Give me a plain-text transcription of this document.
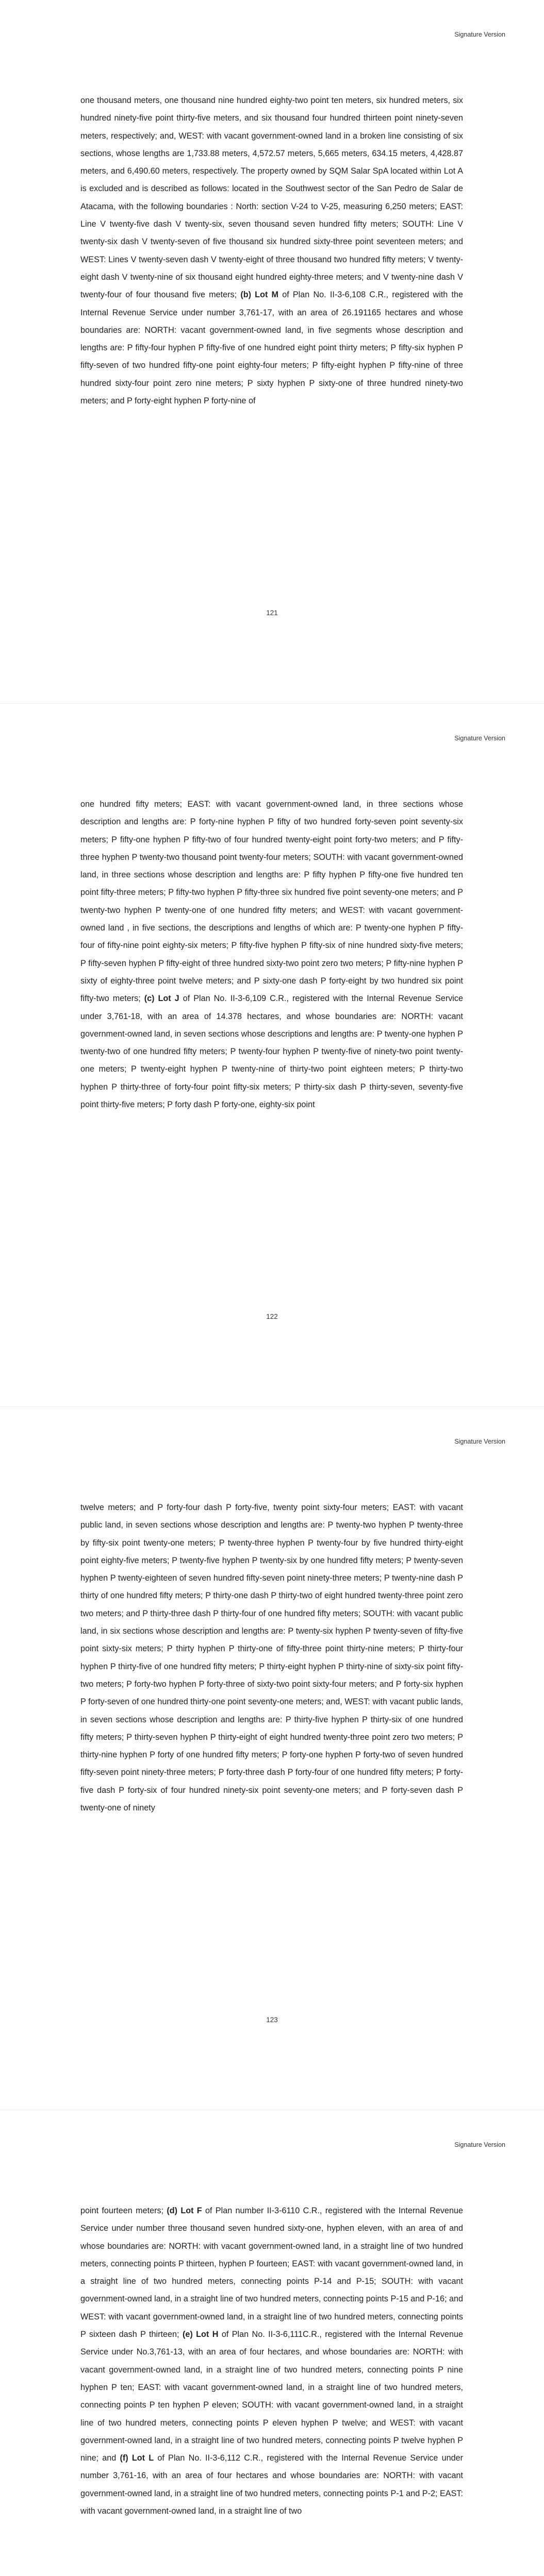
Signature Version

one thousand meters, one thousand nine hundred eighty-two point ten meters, six hundred meters, six hundred ninety-five point thirty-five meters, and six thousand four hundred thirteen point ninety-seven meters, respectively; and, WEST: with vacant government-owned land in a broken line consisting of six sections, whose lengths are 1,733.88 meters, 4,572.57 meters, 5,665 meters, 634.15 meters, 4,428.87 meters, and 6,490.60 meters, respectively. The property owned by SQM Salar SpA located within Lot A is excluded and is described as follows: located in the Southwest sector of the San Pedro de Salar de Atacama, with the following boundaries : North: section V-24 to V-25, measuring 6,250 meters; EAST: Line V twenty-five dash V twenty-six, seven thousand seven hundred fifty meters; SOUTH: Line V twenty-six dash V twenty-seven of five thousand six hundred sixty-three point seventeen meters; and WEST: Lines V twenty-seven dash V twenty-eight of three thousand two hundred fifty meters; V twenty-eight dash V twenty-nine of six thousand eight hundred eighty-three meters; and V twenty-nine dash V twenty-four of four thousand five meters; (b) Lot M of Plan No. II-3-6,108 C.R., registered with the Internal Revenue Service under number 3,761-17, with an area of 26.191165 hectares and whose boundaries are: NORTH: vacant government-owned land, in five segments whose description and lengths are: P fifty-four hyphen P fifty-five of one hundred eight point thirty meters; P fifty-six hyphen P fifty-seven of two hundred fifty-one point eighty-four meters; P fifty-eight hyphen P fifty-nine of three hundred sixty-four point zero nine meters; P sixty hyphen P sixty-one of three hundred ninety-two meters; and P forty-eight hyphen P forty-nine of

121
Signature Version

one hundred fifty meters; EAST: with vacant government-owned land, in three sections whose description and lengths are: P forty-nine hyphen P fifty of two hundred forty-seven point seventy-six meters; P fifty-one hyphen P fifty-two of four hundred twenty-eight point forty-two meters; and P fifty-three hyphen P twenty-two thousand point twenty-four meters; SOUTH: with vacant government-owned land, in three sections whose description and lengths are: P fifty hyphen P fifty-one five hundred ten point fifty-three meters; P fifty-two hyphen P fifty-three six hundred five point seventy-one meters; and P twenty-two hyphen P twenty-one of one hundred fifty meters; and WEST: with vacant government-owned land , in five sections, the descriptions and lengths of which are: P twenty-one hyphen P fifty-four of fifty-nine point eighty-six meters; P fifty-five hyphen P fifty-six of nine hundred sixty-five meters; P fifty-seven hyphen P fifty-eight of three hundred sixty-two point zero two meters; P fifty-nine hyphen P sixty of eighty-three point twelve meters; and P sixty-one dash P forty-eight by two hundred six point fifty-two meters; (c) Lot J of Plan No. II-3-6,109 C.R., registered with the Internal Revenue Service under 3,761-18, with an area of 14.378 hectares, and whose boundaries are: NORTH: vacant government-owned land, in seven sections whose descriptions and lengths are: P twenty-one hyphen P twenty-two of one hundred fifty meters; P twenty-four hyphen P twenty-five of ninety-two point twenty-one meters; P twenty-eight hyphen P twenty-nine of thirty-two point eighteen meters; P thirty-two hyphen P thirty-three of forty-four point fifty-six meters; P thirty-six dash P thirty-seven, seventy-five point thirty-five meters; P forty dash P forty-one, eighty-six point

122
Signature Version

twelve meters; and P forty-four dash P forty-five, twenty point sixty-four meters; EAST: with vacant public land, in seven sections whose description and lengths are: P twenty-two hyphen P twenty-three by fifty-six point twenty-one meters; P twenty-three hyphen P twenty-four by five hundred thirty-eight point eighty-five meters; P twenty-five hyphen P twenty-six by one hundred fifty meters; P twenty-seven hyphen P twenty-eighteen of seven hundred fifty-seven point ninety-three meters; P twenty-nine dash P thirty of one hundred fifty meters; P thirty-one dash P thirty-two of eight hundred twenty-three point zero two meters; and P thirty-three dash P thirty-four of one hundred fifty meters; SOUTH: with vacant public land, in six sections whose description and lengths are: P twenty-six hyphen P twenty-seven of fifty-five point sixty-six meters; P thirty hyphen P thirty-one of fifty-three point thirty-nine meters; P thirty-four hyphen P thirty-five of one hundred fifty meters; P thirty-eight hyphen P thirty-nine of sixty-six point fifty-two meters; P forty-two hyphen P forty-three of sixty-two point sixty-four meters; and P forty-six hyphen P forty-seven of one hundred thirty-one point seventy-one meters; and, WEST: with vacant public lands, in seven sections whose description and lengths are: P thirty-five hyphen P thirty-six of one hundred fifty meters; P thirty-seven hyphen P thirty-eight of eight hundred twenty-three point zero two meters; P thirty-nine hyphen P forty of one hundred fifty meters; P forty-one hyphen P forty-two of seven hundred fifty-seven point ninety-three meters; P forty-three dash P forty-four of one hundred fifty meters; P forty-five dash P forty-six of four hundred ninety-six point seventy-one meters; and P forty-seven dash P twenty-one of ninety

123
Signature Version

point fourteen meters; (d) Lot F of Plan number II-3-6110 C.R., registered with the Internal Revenue Service under number three thousand seven hundred sixty-one, hyphen eleven, with an area of and whose boundaries are: NORTH: with vacant government-owned land, in a straight line of two hundred meters, connecting points P thirteen, hyphen P fourteen; EAST: with vacant government-owned land, in a straight line of two hundred meters, connecting points P-14 and P-15; SOUTH: with vacant government-owned land, in a straight line of two hundred meters, connecting points P-15 and P-16; and WEST: with vacant government-owned land, in a straight line of two hundred meters, connecting points P sixteen dash P thirteen; (e) Lot H of Plan No. II-3-6,111C.R., registered with the Internal Revenue Service under No.3,761-13, with an area of four hectares, and whose boundaries are: NORTH: with vacant government-owned land, in a straight line of two hundred meters, connecting points P nine hyphen P ten; EAST: with vacant government-owned land, in a straight line of two hundred meters, connecting points P ten hyphen P eleven; SOUTH: with vacant government-owned land, in a straight line of two hundred meters, connecting points P eleven hyphen P twelve; and WEST: with vacant government-owned land, in a straight line of two hundred meters, connecting points P twelve hyphen P nine; and (f) Lot L of Plan No. II-3-6,112 C.R., registered with the Internal Revenue Service under number 3,761-16, with an area of four hectares and whose boundaries are: NORTH: with vacant government-owned land, in a straight line of two hundred meters, connecting points P-1 and P-2; EAST: with vacant government-owned land, in a straight line of two
